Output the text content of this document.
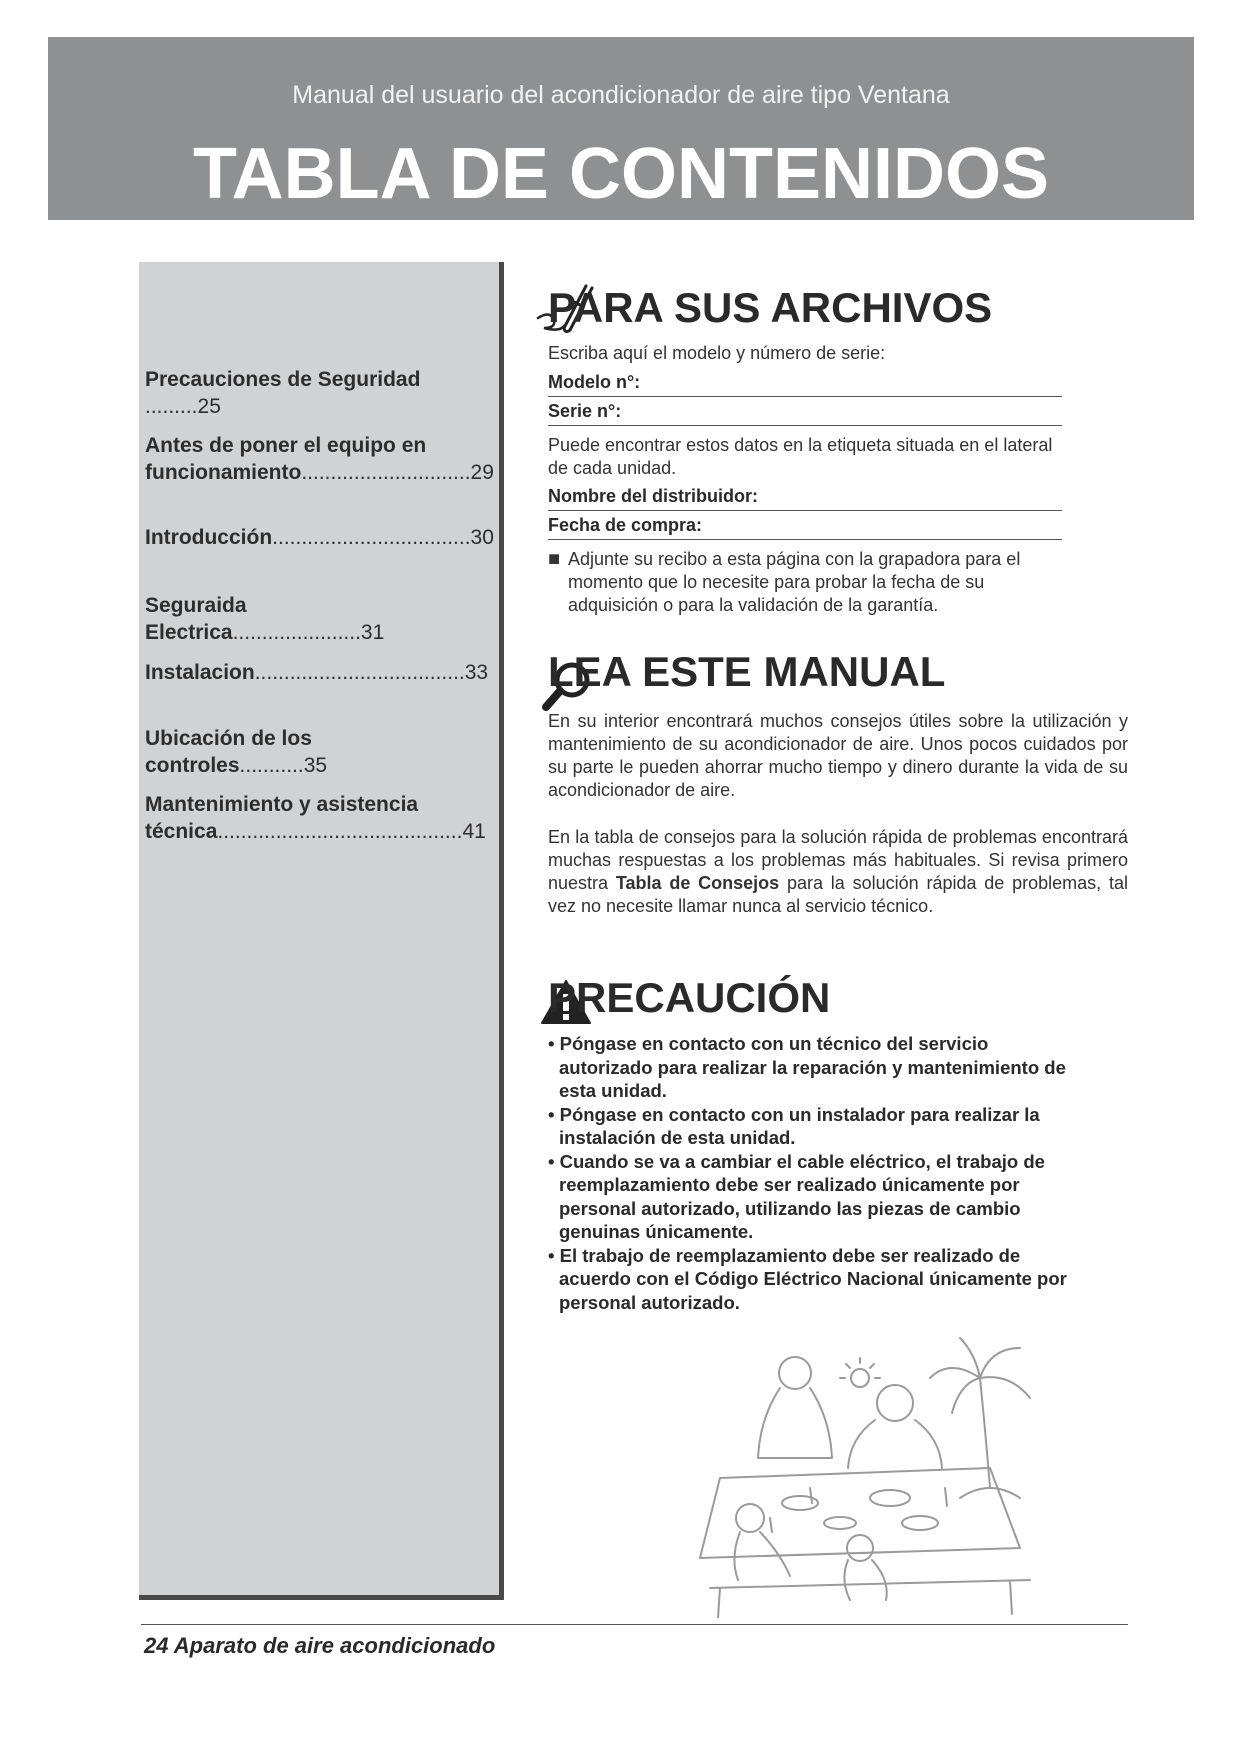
Manual del usuario del acondicionador de aire tipo Ventana
TABLA DE CONTENIDOS
Precauciones de Seguridad .........25
Antes de poner el equipo en
funcionamiento.............................29
Introducción..................................30
Seguraida Electrica......................31
Instalacion....................................33
Ubicación de los controles...........35
Mantenimiento y asistencia
técnica..........................................41
PARA SUS ARCHIVOS
Escriba aquí el modelo y número de serie:
Modelo n°:
Serie n°:
Puede encontrar estos datos en la etiqueta situada en el lateral de cada unidad.
Nombre del distribuidor:
Fecha de compra:
■ Adjunte su recibo a esta página con la grapadora para el momento que lo necesite para probar la fecha de su adquisición o para la validación de la garantía.
LEA ESTE MANUAL
En su interior encontrará muchos consejos útiles sobre la utilización y mantenimiento de su acondicionador de aire. Unos pocos cuidados por su parte le pueden ahorrar mucho tiempo y dinero durante la vida de su acondicionador de aire.
En la tabla de consejos para la solución rápida de problemas encontrará muchas respuestas a los problemas más habituales. Si revisa primero nuestra Tabla de Consejos para la solución rápida de problemas, tal vez no necesite llamar nunca al servicio técnico.
PRECAUCIÓN

• Póngase en contacto con un técnico del servicio autorizado para realizar la reparación y mantenimiento de esta unidad.

• Póngase en contacto con un instalador para realizar la instalación de esta unidad.

• Cuando se va a cambiar el cable eléctrico, el trabajo de reemplazamiento debe ser realizado únicamente por personal autorizado, utilizando las piezas de cambio genuinas únicamente.

• El trabajo de reemplazamiento debe ser realizado de acuerdo con el Código Eléctrico Nacional únicamente por personal autorizado.

24 Aparato de aire acondicionado
